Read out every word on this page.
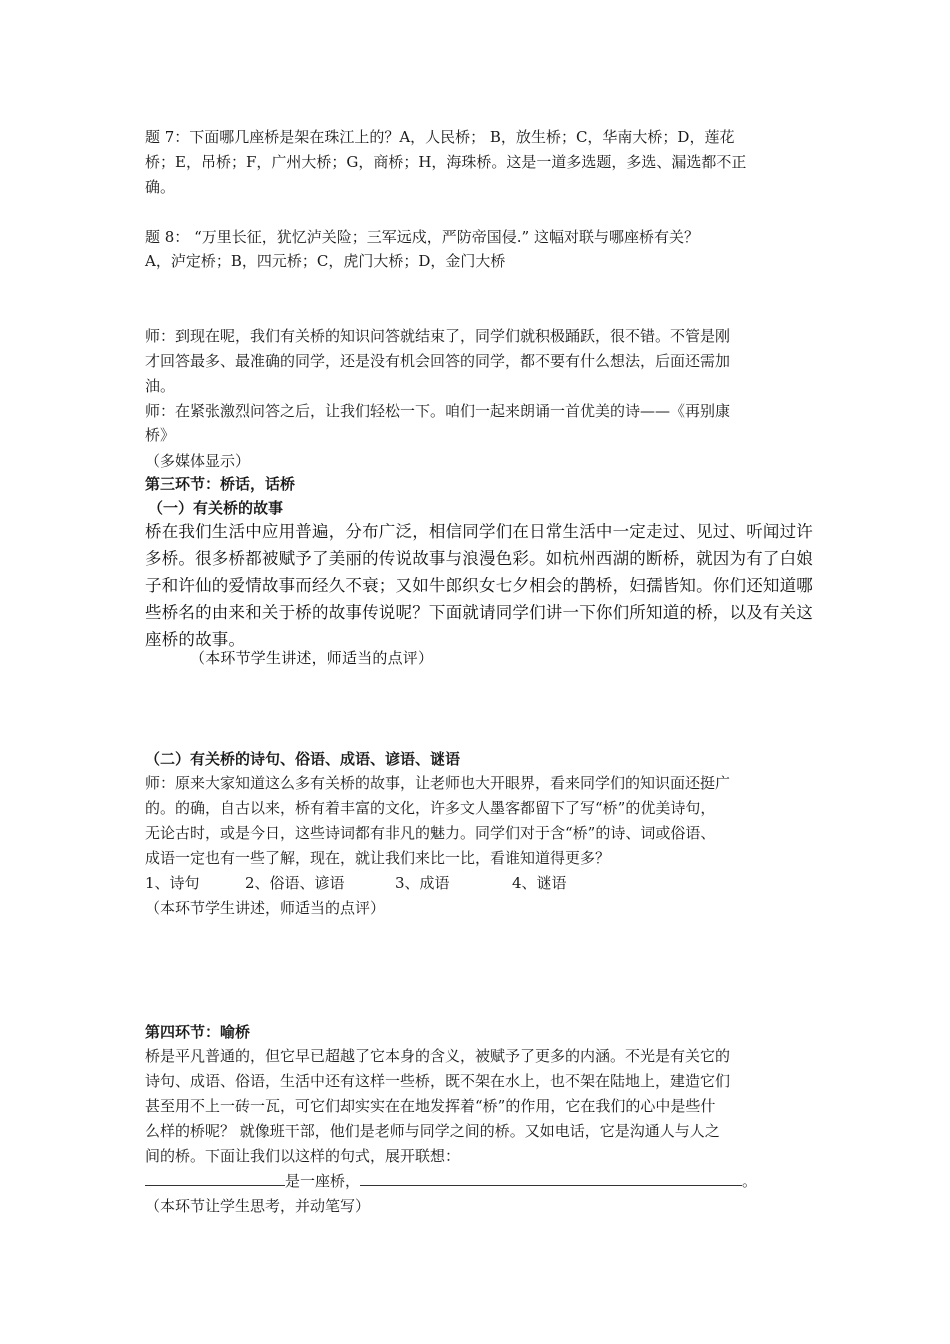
题 7：下面哪几座桥是架在珠江上的？A，人民桥； B，放生桥；C，华南大桥；D，莲花
桥；E，吊桥；F，广州大桥；G，商桥；H，海珠桥。这是一道多选题，多选、漏选都不正
确。
题 8： “万里长征，犹忆泸关险；三军远戍，严防帝国侵.” 这幅对联与哪座桥有关？
A，泸定桥；B，四元桥；C，虎门大桥；D，金门大桥
师：到现在呢，我们有关桥的知识问答就结束了，同学们就积极踊跃，很不错。不管是刚
才回答最多、最准确的同学，还是没有机会回答的同学，都不要有什么想法，后面还需加
油。
师：在紧张激烈问答之后，让我们轻松一下。咱们一起来朗诵一首优美的诗——《再别康
桥》
（多媒体显示）
第三环节：桥话，话桥
（一）有关桥的故事
桥在我们生活中应用普遍，分布广泛，相信同学们在日常生活中一定走过、见过、听闻过许
多桥。很多桥都被赋予了美丽的传说故事与浪漫色彩。如杭州西湖的断桥，就因为有了白娘
子和许仙的爱情故事而经久不衰；又如牛郎织女七夕相会的鹊桥，妇孺皆知。你们还知道哪
些桥名的由来和关于桥的故事传说呢？下面就请同学们讲一下你们所知道的桥，以及有关这
座桥的故事。
（本环节学生讲述，师适当的点评）
（二）有关桥的诗句、俗语、成语、谚语、谜语
师：原来大家知道这么多有关桥的故事，让老师也大开眼界，看来同学们的知识面还挺广
的。的确，自古以来，桥有着丰富的文化，许多文人墨客都留下了写“桥”的优美诗句，
无论古时，或是今日，这些诗词都有非凡的魅力。同学们对于含“桥”的诗、词或俗语、
成语一定也有一些了解，现在，就让我们来比一比，看谁知道得更多？
1、诗句	2、俗语、谚语	3、成语	4、谜语
（本环节学生讲述，师适当的点评）
第四环节：喻桥
桥是平凡普通的，但它早已超越了它本身的含义，被赋予了更多的内涵。不光是有关它的
诗句、成语、俗语，生活中还有这样一些桥，既不架在水上，也不架在陆地上，建造它们
甚至用不上一砖一瓦，可它们却实实在在地发挥着“桥”的作用，它在我们的心中是些什
么样的桥呢？ 就像班干部，他们是老师与同学之间的桥。又如电话，它是沟通人与人之
间的桥。下面让我们以这样的句式，展开联想：
是一座桥，	。
（本环节让学生思考，并动笔写）
